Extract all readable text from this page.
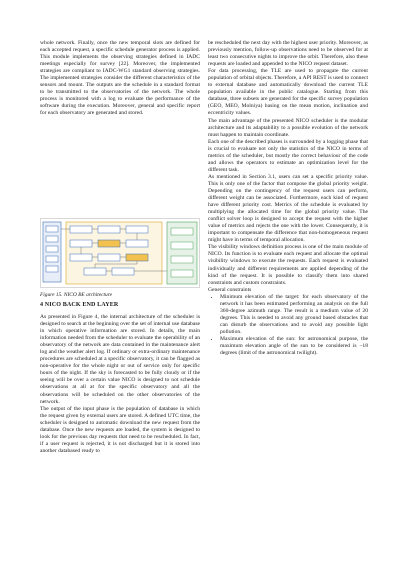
whole network. Finally, once the new temporal slots are defined for each accepted request, a specific schedule generator process is applied. This module implements the observing strategies defined in IADC meetings especially for survey [22]. Moreover, the implemented strategies are compliant to IADC-WG1 standard observing strategies. The implemented strategies consider the different characteristics of the sensors and mount. The outputs are the schedule in a standard format to be transmitted to the observatories of the network. The whole process is monitored with a log to evaluate the performance of the software during the execution. Moreover, general and specific report for each observatory are generated and stored.

Figure 15. NICO BE architecture
4 NICO BACK END LAYER

As presented in Figure 4, the internal architecture of the scheduler is designed to search at the beginning over the set of internal use database in which operative information are stored. In details, the main information needed from the scheduler to evaluate the operability of an observatory of the network are data contained in the maintenance alert log and the weather alert log. If ordinary or extra-ordinary maintenance procedures are scheduled at a specific observatory, it can be flagged as non-operative for the whole night or out of service only for specific hours of the night. If the sky is forecasted to be fully cloudy or if the seeing will be over a certain value NICO is designed to not schedule observations at all at for the specific observatory and all the observations will be scheduled on the other observatories of the network.

The output of the input phase is the population of database in which the request given by external users are stored. A defined UTC time, the scheduler is designed to automatic download the new request from the database. Once the new requests are loaded, the system is designed to look for the previous day requests that need to be rescheduled. In fact, if a user request is rejected, it is not discharged but it is stored into another databased ready to

be rescheduled the next day with the highest user priority. Moreover, as previously mention, follow-up observations need to be observed for at least two consecutive nights to improve the orbit. Therefore, also these requests are loaded and appended to the NICO request dataset.

For data processing, the TLE are used to propagate the current population of orbital objects. Therefore, a API REST is used to connect to external database and automatically download the current TLE population available in the public catalogue. Starting from this database, three subsets are generated for the specific survey population (GEO, MEO, Molniya) basing on the mean motion, inclination and eccentricity values.

The main advantage of the presented NICO scheduler is the modular architecture and its adaptability to a possible evolution of the network must happen to maintain coordinate.

Each one of the described phases is surrounded by a logging phase that is crucial to evaluate not only the statistics of the NICO in terms of metrics of the scheduler, but mostly the correct behaviour of the code and allows the operators to estimate an optimization level for the different task.

As mentioned in Section 3.1, users can set a specific priority value. This is only one of the factor that compose the global priority weight. Depending on the contingency of the request users can perform, different weight can be associated. Furthermore, each kind of request have different priority cost. Metrics of the schedule is evaluated by multiplying the allocated time for the global priority value. The conflict solver loop is designed to accept the request with the higher value of metrics and rejects the one with the lower. Consequently, it is important to compensate the difference that non-homogeneous request might have in terms of temporal allocation.

The visibility windows definition process is one of the main module of NICO. Its function is to evaluate each request and allocate the optimal visibility windows to execute the requests. Each request is evaluated individually and different requirements are applied depending of the kind of the request. It is possible to classify them into shared constraints and custom constraints.

General constraints

• Minimum elevation of the target: for each observatory of the network it has been estimated performing an analysis on the full 360-degree azimuth range. The result is a medium value of 20 degrees. This is needed to avoid any ground based obstacles that can disturb the observations and to avoid any possible light pollution.
• Maximum elevation of the sun: for astronomical purpose, the maximum elevation angle of the sun to be considered is −18 degrees (limit of the astronomical twilight).
